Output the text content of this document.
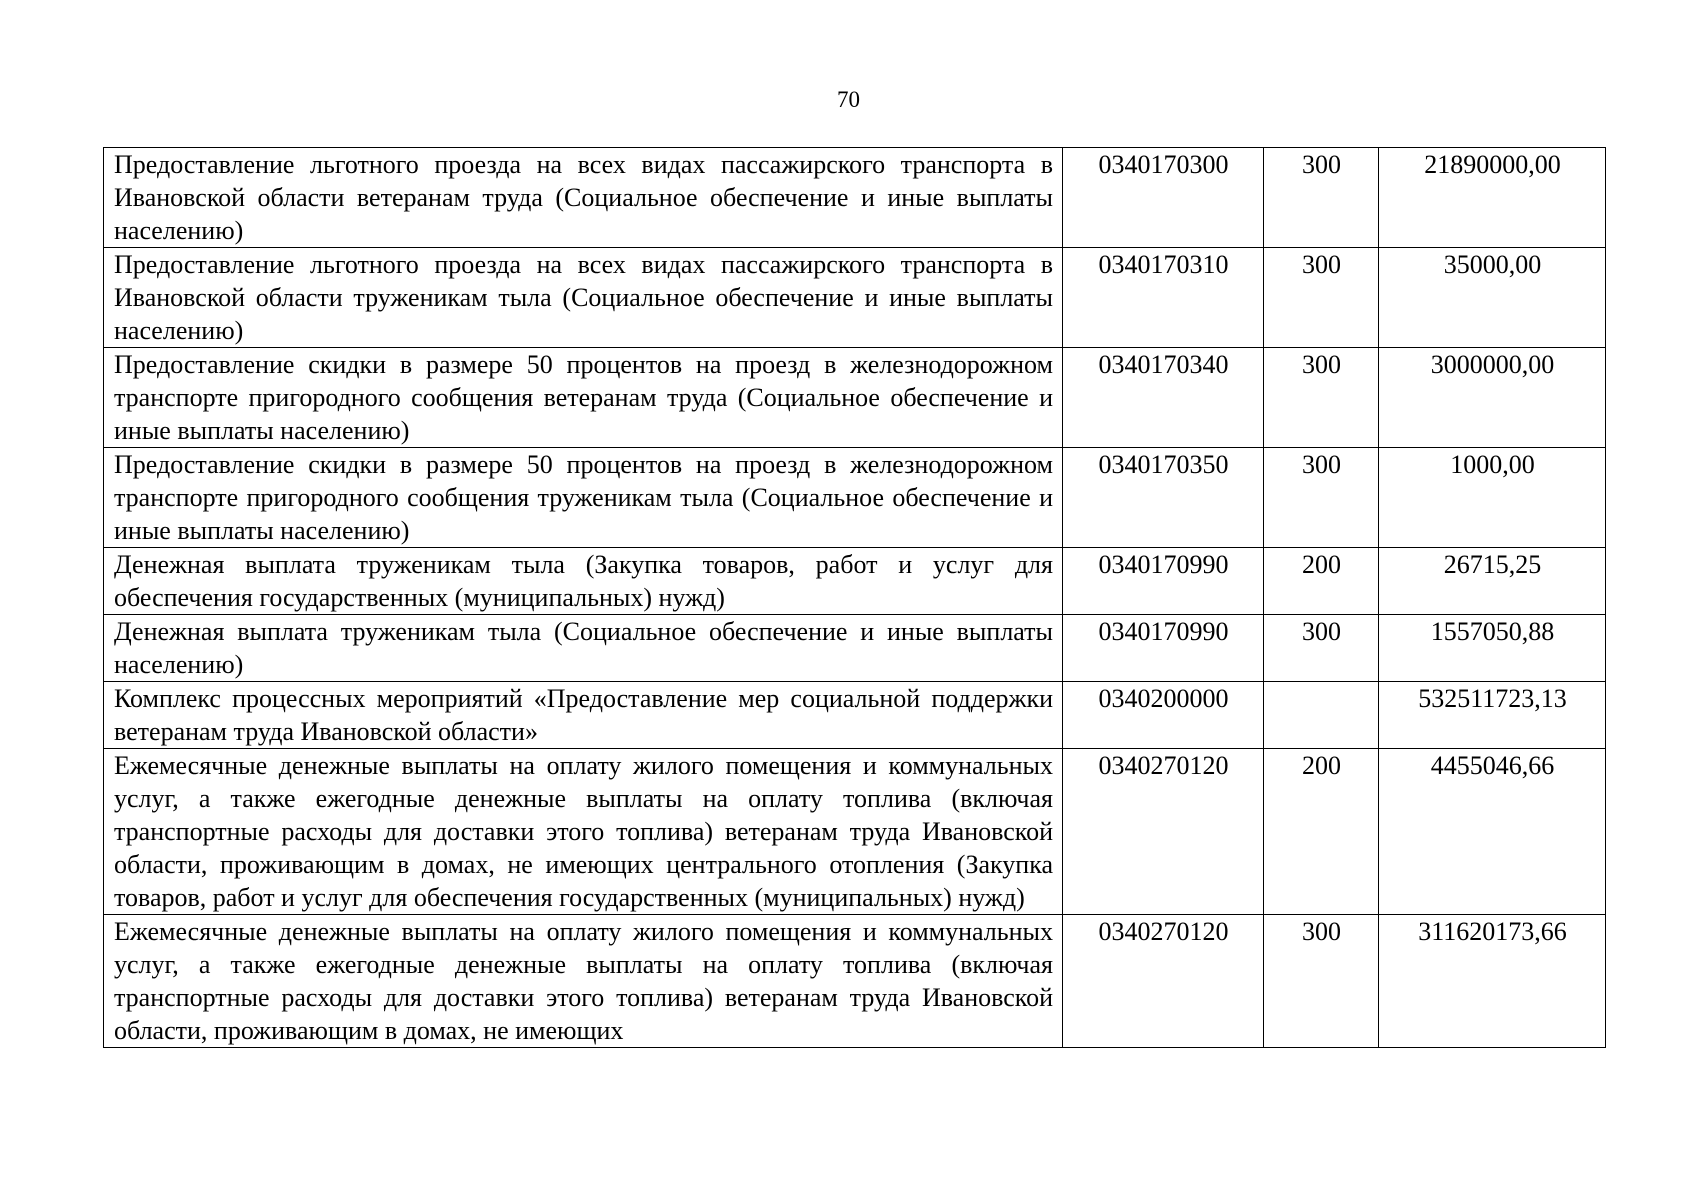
70
Предоставление льготного проезда на всех видах пассажирского транспорта в Ивановской области ветеранам труда (Социальное обеспечение и иные выплаты населению)	0340170300	300	21890000,00
Предоставление льготного проезда на всех видах пассажирского транспорта в Ивановской области труженикам тыла (Социальное обеспечение и иные выплаты населению)	0340170310	300	35000,00
Предоставление скидки в размере 50 процентов на проезд в железнодорожном транспорте пригородного сообщения ветеранам труда (Социальное обеспечение и иные выплаты населению)	0340170340	300	3000000,00
Предоставление скидки в размере 50 процентов на проезд в железнодорожном транспорте пригородного сообщения труженикам тыла (Социальное обеспечение и иные выплаты населению)	0340170350	300	1000,00
Денежная выплата труженикам тыла (Закупка товаров, работ и услуг для обеспечения государственных (муниципальных) нужд)	0340170990	200	26715,25
Денежная выплата труженикам тыла (Социальное обеспечение и иные выплаты населению)	0340170990	300	1557050,88
Комплекс процессных мероприятий «Предоставление мер социальной поддержки ветеранам труда Ивановской области»	0340200000		532511723,13
Ежемесячные денежные выплаты на оплату жилого помещения и коммунальных услуг, а также ежегодные денежные выплаты на оплату топлива (включая транспортные расходы для доставки этого топлива) ветеранам труда Ивановской области, проживающим в домах, не имеющих центрального отопления (Закупка товаров, работ и услуг для обеспечения государственных (муниципальных) нужд)	0340270120	200	4455046,66
Ежемесячные денежные выплаты на оплату жилого помещения и коммунальных услуг, а также ежегодные денежные выплаты на оплату топлива (включая транспортные расходы для доставки этого топлива) ветеранам труда Ивановской области, проживающим в домах, не имеющих	0340270120	300	311620173,66
